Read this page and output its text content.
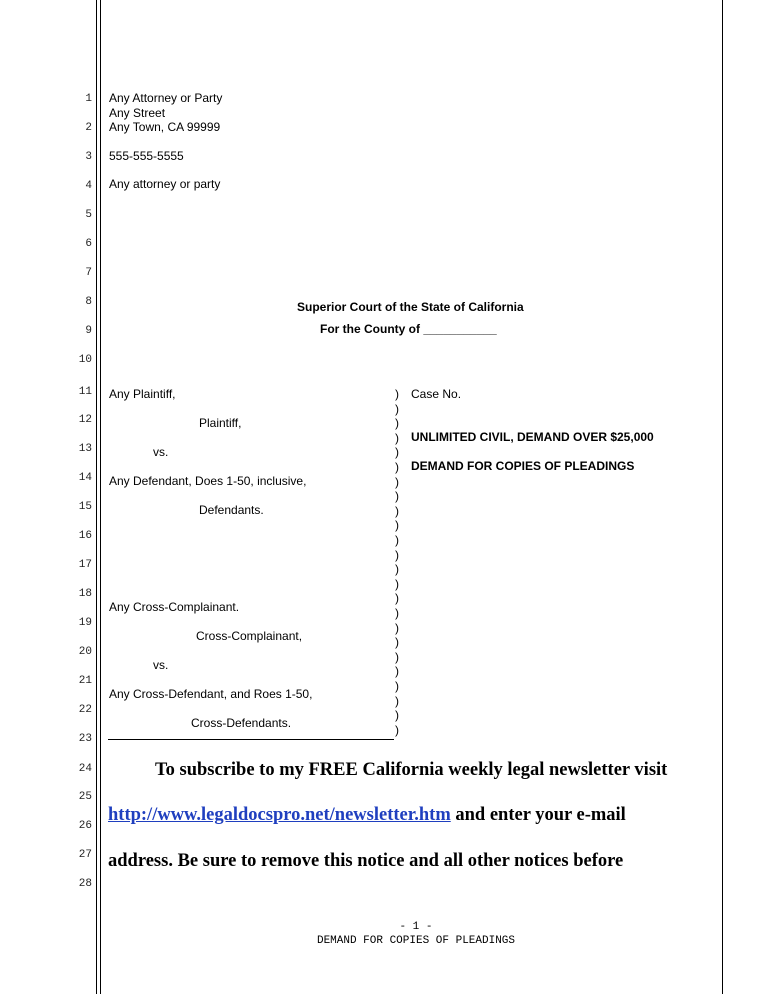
1
2
3
4
5
6
7
8
9
10
11
12
13
14
15
16
17
18
19
20
21
22
23
24
25
26
27
28
Any Attorney or Party
Any Street
Any Town, CA 99999
555-555-5555
Any attorney or party
Superior Court of the State of California
For the County of ___________
Any Plaintiff,
Plaintiff,
vs.
Any Defendant, Does 1-50, inclusive,
Defendants.
Any Cross-Complainant.
Cross-Complainant,
vs.
Any Cross-Defendant, and Roes 1-50,
Cross-Defendants.
)
)
)
)
)
)
)
)
)
)
)
)
)
)
)
)
)
)
)
)
)
)
)
)
Case No.
UNLIMITED CIVIL, DEMAND OVER $25,000
DEMAND FOR COPIES OF PLEADINGS
To subscribe to my FREE California weekly legal newsletter visit
http://www.legaldocspro.net/newsletter.htm and enter your e-mail
address. Be sure to remove this notice and all other notices before
- 1 -
DEMAND FOR COPIES OF PLEADINGS
